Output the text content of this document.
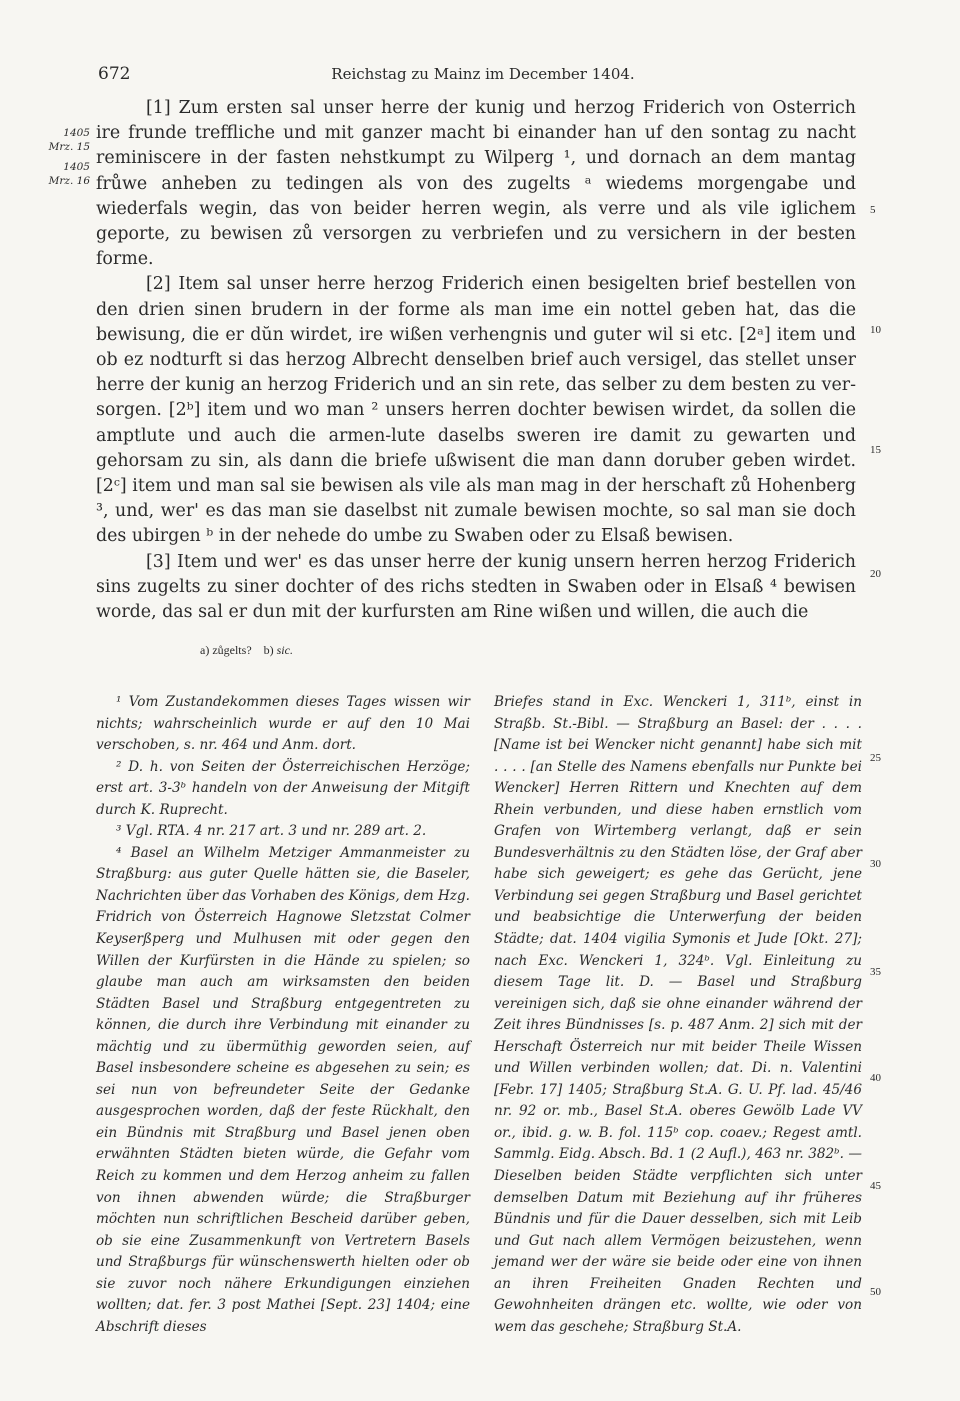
672	Reichstag zu Mainz im December 1404.
1405 Mrz. 15
1405 Mrz. 16

[1] Zum ersten sal unser herre der kunig und herzog Friderich von Osterrich ire frunde treffliche und mit ganzer macht bi einander han uf den sontag zu nacht reminiscere in der fasten nehstkumpt zu Wilperg ¹, und dornach an dem mantag frůwe anheben zu tedingen als von des zugelts ᵃ wiedems morgengabe und wiederfals wegin, das von beider herren wegin, als verre und als vile iglichem geporte, zu bewisen zů versorgen zu verbriefen und zu versichern in der besten forme.

[2] Item sal unser herre herzog Friderich einen besigelten brief bestellen von den drien sinen brudern in der forme als man ime ein nottel geben hat, das die bewisung, die er dŭn wirdet, ire wißen verhengnis und guter wil si etc. [2ᵃ] item und ob ez nodturft si das herzog Albrecht denselben brief auch versigel, das stellet unser herre der kunig an herzog Friderich und an sin rete, das selber zu dem besten zu versorgen. [2ᵇ] item und wo man ² unsers herren dochter bewisen wirdet, da sollen die amptlute und auch die armen-lute daselbs sweren ire damit zu gewarten und gehorsam zu sin, als dann die briefe ußwisent die man dann doruber geben wirdet. [2ᶜ] item und man sal sie bewisen als vile als man mag in der herschaft zů Hohenberg ³, und, wer' es das man sie daselbst nit zumale bewisen mochte, so sal man sie doch des ubirgen ᵇ in der nehede do umbe zu Swaben oder zu Elsaß bewisen.

[3] Item und wer' es das unser herre der kunig unsern herren herzog Friderich sins zugelts zu siner dochter of des richs stedten in Swaben oder in Elsaß ⁴ bewisen worde, das sal er dun mit der kurfursten am Rine wißen und willen, die auch die

5
10
15
20
25
30
35
40
45
50
a) zůgelts? b) sic.

¹ Vom Zustandekommen dieses Tages wissen wir nichts; wahrscheinlich wurde er auf den 10 Mai verschoben, s. nr. 464 und Anm. dort.

² D. h. von Seiten der Österreichischen Herzöge; erst art. 3-3ᵇ handeln von der Anweisung der Mitgift durch K. Ruprecht.

³ Vgl. RTA. 4 nr. 217 art. 3 und nr. 289 art. 2.

⁴ Basel an Wilhelm Metziger Ammanmeister zu Straßburg: aus guter Quelle hätten sie, die Baseler, Nachrichten über das Vorhaben des Königs, dem Hzg. Fridrich von Österreich Hagnowe Sletzstat Colmer Keyserßperg und Mulhusen mit oder gegen den Willen der Kurfürsten in die Hände zu spielen; so glaube man auch am wirksamsten den beiden Städten Basel und Straßburg entgegentreten zu können, die durch ihre Verbindung mit einander zu mächtig und zu übermüthig geworden seien, auf Basel insbesondere scheine es abgesehen zu sein; es sei nun von befreundeter Seite der Gedanke ausgesprochen worden, daß der feste Rückhalt, den ein Bündnis mit Straßburg und Basel jenen oben erwähnten Städten bieten würde, die Gefahr vom Reich zu kommen und dem Herzog anheim zu fallen von ihnen abwenden würde; die Straßburger möchten nun schriftlichen Bescheid darüber geben, ob sie eine Zusammenkunft von Vertretern Basels und Straßburgs für wünschenswerth hielten oder ob sie zuvor noch nähere Erkundigungen einziehen wollten; dat. fer. 3 post Mathei [Sept. 23] 1404; eine Abschrift dieses

Briefes stand in Exc. Wenckeri 1, 311ᵇ, einst in Straßb. St.-Bibl. — Straßburg an Basel: der . . . . [Name ist bei Wencker nicht genannt] habe sich mit . . . . [an Stelle des Namens ebenfalls nur Punkte bei Wencker] Herren Rittern und Knechten auf dem Rhein verbunden, und diese haben ernstlich vom Grafen von Wirtemberg verlangt, daß er sein Bundesverhältnis zu den Städten löse, der Graf aber habe sich geweigert; es gehe das Gerücht, jene Verbindung sei gegen Straßburg und Basel gerichtet und beabsichtige die Unterwerfung der beiden Städte; dat. 1404 vigilia Symonis et Jude [Okt. 27]; nach Exc. Wenckeri 1, 324ᵇ. Vgl. Einleitung zu diesem Tage lit. D. — Basel und Straßburg vereinigen sich, daß sie ohne einander während der Zeit ihres Bündnisses [s. p. 487 Anm. 2] sich mit der Herschaft Österreich nur mit beider Theile Wissen und Willen verbinden wollen; dat. Di. n. Valentini [Febr. 17] 1405; Straßburg St.A. G. U. Pf. lad. 45/46 nr. 92 or. mb., Basel St.A. oberes Gewölb Lade VV or., ibid. g. w. B. fol. 115ᵇ cop. coaev.; Regest amtl. Sammlg. Eidg. Absch. Bd. 1 (2 Aufl.), 463 nr. 382ᵇ. — Dieselben beiden Städte verpflichten sich unter demselben Datum mit Beziehung auf ihr früheres Bündnis und für die Dauer desselben, sich mit Leib und Gut nach allem Vermögen beizustehen, wenn jemand wer der wäre sie beide oder eine von ihnen an ihren Freiheiten Gnaden Rechten und Gewohnheiten drängen etc. wollte, wie oder von wem das geschehe; Straßburg St.A.
